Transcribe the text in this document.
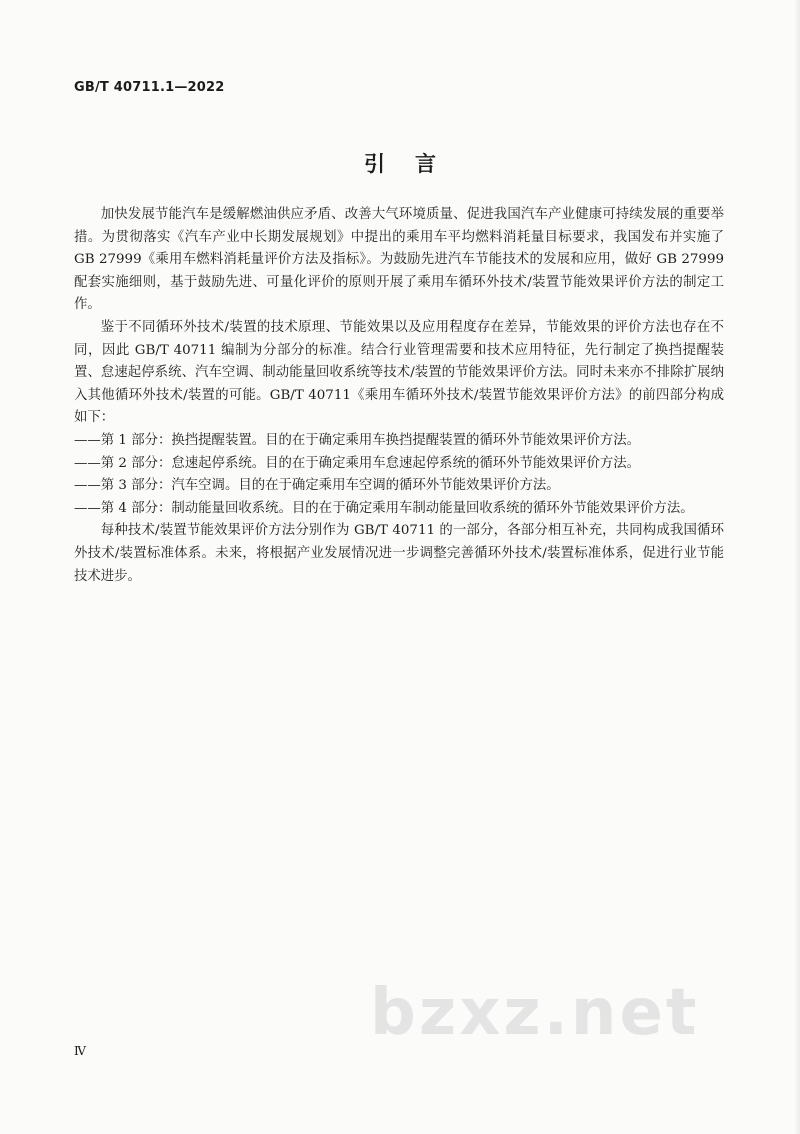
GB/T 40711.1—2022
引言

加快发展节能汽车是缓解燃油供应矛盾、改善大气环境质量、促进我国汽车产业健康可持续发展的重要举措。为贯彻落实《汽车产业中长期发展规划》中提出的乘用车平均燃料消耗量目标要求，我国发布并实施了 GB 27999《乘用车燃料消耗量评价方法及指标》。为鼓励先进汽车节能技术的发展和应用，做好 GB 27999 配套实施细则，基于鼓励先进、可量化评价的原则开展了乘用车循环外技术/装置节能效果评价方法的制定工作。

鉴于不同循环外技术/装置的技术原理、节能效果以及应用程度存在差异，节能效果的评价方法也存在不同，因此 GB/T 40711 编制为分部分的标准。结合行业管理需要和技术应用特征，先行制定了换挡提醒装置、怠速起停系统、汽车空调、制动能量回收系统等技术/装置的节能效果评价方法。同时未来亦不排除扩展纳入其他循环外技术/装置的可能。GB/T 40711《乘用车循环外技术/装置节能效果评价方法》的前四部分构成如下：

——第 1 部分：换挡提醒装置。目的在于确定乘用车换挡提醒装置的循环外节能效果评价方法。

——第 2 部分：怠速起停系统。目的在于确定乘用车怠速起停系统的循环外节能效果评价方法。

——第 3 部分：汽车空调。目的在于确定乘用车空调的循环外节能效果评价方法。

——第 4 部分：制动能量回收系统。目的在于确定乘用车制动能量回收系统的循环外节能效果评价方法。

每种技术/装置节能效果评价方法分别作为 GB/T 40711 的一部分，各部分相互补充，共同构成我国循环外技术/装置标准体系。未来，将根据产业发展情况进一步调整完善循环外技术/装置标准体系，促进行业节能技术进步。

bzxz.net
Ⅳ
